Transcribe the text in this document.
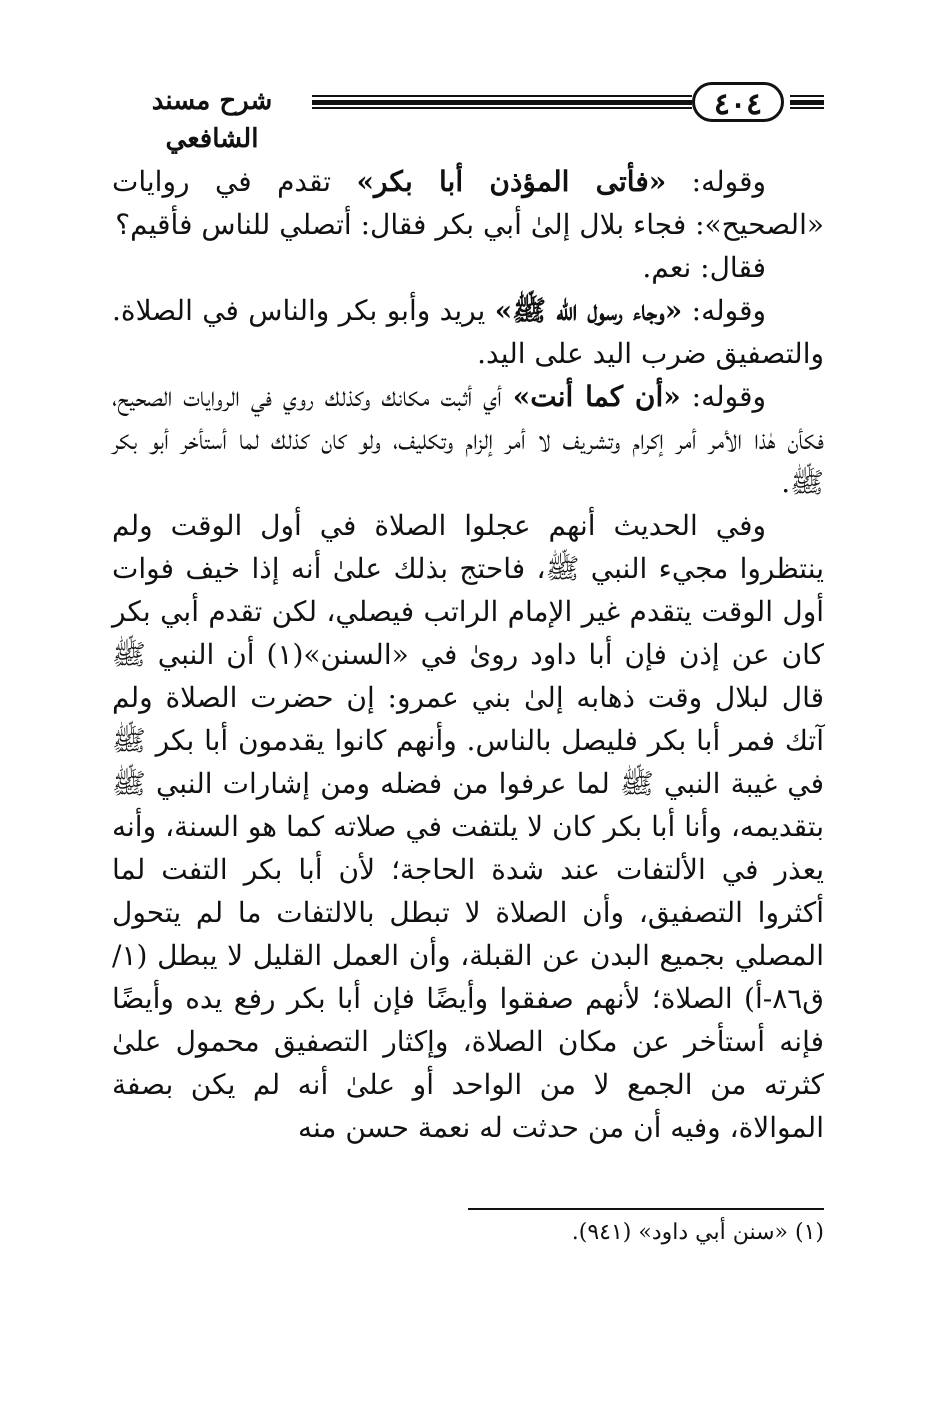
٤٠٤
شرح مسند الشافعي

وقوله: «فأتى المؤذن أبا بكر» تقدم في روايات «الصحيح»: فجاء بلال إلىٰ أبي بكر فقال: أتصلي للناس فأقيم؟

فقال: نعم.

وقوله: «وجاء رسول الله ﷺ» يريد وأبو بكر والناس في الصلاة. والتصفيق ضرب اليد على اليد.

وقوله: «أن كما أنت» أي أثبت مكانك وكذلك روي في الروايات الصحيح، فكأن هٰذا الأمر أمر إكرام وتشريف لا أمر إلزام وتكليف، ولو كان كذلك لما أستأخر أبو بكر ﷺ.

وفي الحديث أنهم عجلوا الصلاة في أول الوقت ولم ينتظروا مجيء النبي ﷺ، فاحتج بذلك علىٰ أنه إذا خيف فوات أول الوقت يتقدم غير الإمام الراتب فيصلي، لكن تقدم أبي بكر كان عن إذن فإن أبا داود روىٰ في «السنن»(١) أن النبي ﷺ قال لبلال وقت ذهابه إلىٰ بني عمرو: إن حضرت الصلاة ولم آتك فمر أبا بكر فليصل بالناس. وأنهم كانوا يقدمون أبا بكر ﷺ في غيبة النبي ﷺ لما عرفوا من فضله ومن إشارات النبي ﷺ بتقديمه، وأنا أبا بكر كان لا يلتفت في صلاته كما هو السنة، وأنه يعذر في الألتفات عند شدة الحاجة؛ لأن أبا بكر التفت لما أكثروا التصفيق، وأن الصلاة لا تبطل بالالتفات ما لم يتحول المصلي بجميع البدن عن القبلة، وأن العمل القليل لا يبطل (١/ ق٨٦-أ) الصلاة؛ لأنهم صفقوا وأيضًا فإن أبا بكر رفع يده وأيضًا فإنه أستأخر عن مكان الصلاة، وإكثار التصفيق محمول علىٰ كثرته من الجمع لا من الواحد أو علىٰ أنه لم يكن بصفة الموالاة، وفيه أن من حدثت له نعمة حسن منه

(١) «سنن أبي داود» (٩٤١).
